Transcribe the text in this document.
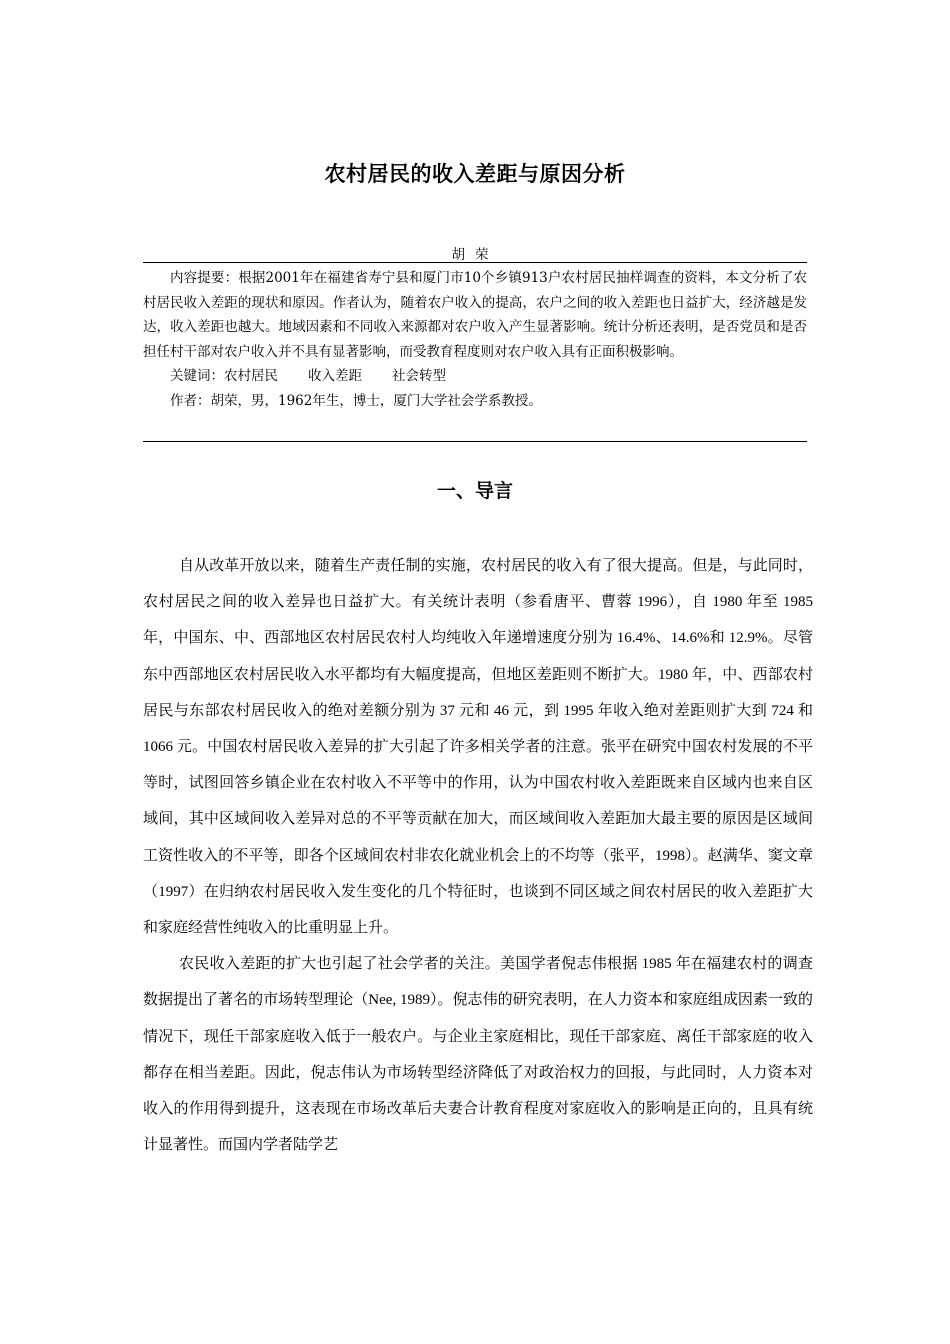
农村居民的收入差距与原因分析
胡荣

内容提要：根据2001年在福建省寿宁县和厦门市10个乡镇913户农村居民抽样调查的资料，本文分析了农村居民收入差距的现状和原因。作者认为，随着农户收入的提高，农户之间的收入差距也日益扩大，经济越是发达，收入差距也越大。地域因素和不同收入来源都对农户收入产生显著影响。统计分析还表明，是否党员和是否担任村干部对农户收入并不具有显著影响，而受教育程度则对农户收入具有正面积极影响。

关键词：农村居民 收入差距 社会转型

作者：胡荣，男，1962年生，博士，厦门大学社会学系教授。

一、导言

自从改革开放以来，随着生产责任制的实施，农村居民的收入有了很大提高。但是，与此同时，农村居民之间的收入差异也日益扩大。有关统计表明（参看唐平、曹蓉 1996），自 1980 年至 1985 年，中国东、中、西部地区农村居民农村人均纯收入年递增速度分别为 16.4%、14.6%和 12.9%。尽管东中西部地区农村居民收入水平都均有大幅度提高，但地区差距则不断扩大。1980 年，中、西部农村居民与东部农村居民收入的绝对差额分别为 37 元和 46 元，到 1995 年收入绝对差距则扩大到 724 和 1066 元。中国农村居民收入差异的扩大引起了许多相关学者的注意。张平在研究中国农村发展的不平等时，试图回答乡镇企业在农村收入不平等中的作用，认为中国农村收入差距既来自区域内也来自区域间，其中区域间收入差异对总的不平等贡献在加大，而区域间收入差距加大最主要的原因是区域间工资性收入的不平等，即各个区域间农村非农化就业机会上的不均等（张平，1998）。赵满华、窦文章（1997）在归纳农村居民收入发生变化的几个特征时，也谈到不同区域之间农村居民的收入差距扩大和家庭经营性纯收入的比重明显上升。

农民收入差距的扩大也引起了社会学者的关注。美国学者倪志伟根据 1985 年在福建农村的调查数据提出了著名的市场转型理论（Nee, 1989）。倪志伟的研究表明，在人力资本和家庭组成因素一致的情况下，现任干部家庭收入低于一般农户。与企业主家庭相比，现任干部家庭、离任干部家庭的收入都存在相当差距。因此，倪志伟认为市场转型经济降低了对政治权力的回报，与此同时，人力资本对收入的作用得到提升，这表现在市场改革后夫妻合计教育程度对家庭收入的影响是正向的，且具有统计显著性。而国内学者陆学艺
